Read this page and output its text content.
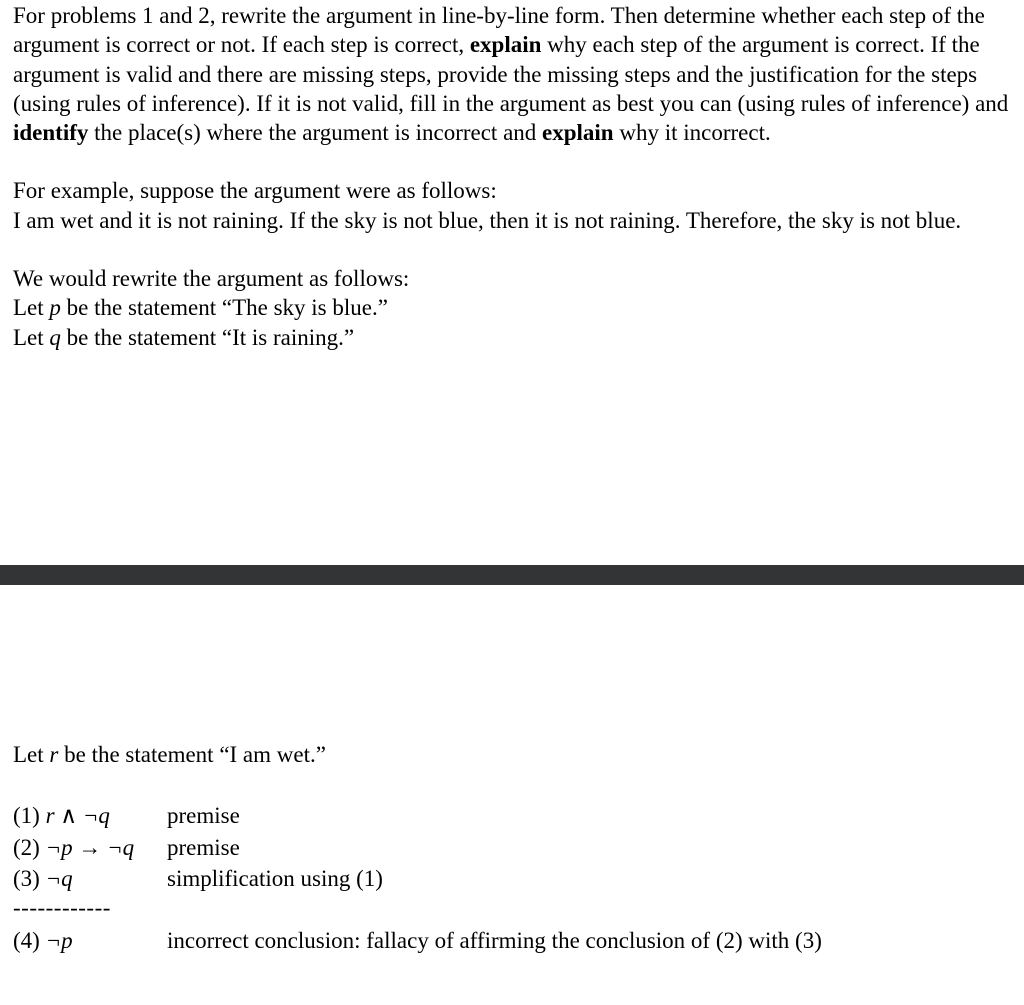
For problems 1 and 2, rewrite the argument in line-by-line form. Then determine whether each step of the argument is correct or not. If each step is correct, explain why each step of the argument is correct. If the argument is valid and there are missing steps, provide the missing steps and the justification for the steps (using rules of inference). If it is not valid, fill in the argument as best you can (using rules of inference) and identify the place(s) where the argument is incorrect and explain why it incorrect.

For example, suppose the argument were as follows:

I am wet and it is not raining. If the sky is not blue, then it is not raining. Therefore, the sky is not blue.

We would rewrite the argument as follows:

Let p be the statement “The sky is blue.”

Let q be the statement “It is raining.”

Let r be the statement “I am wet.”

(1) r ∧ ¬q premise
(2) ¬p → ¬q premise
(3) ¬q	simplification using (1)
------------
(4) ¬p	incorrect conclusion: fallacy of affirming the conclusion of (2) with (3)
